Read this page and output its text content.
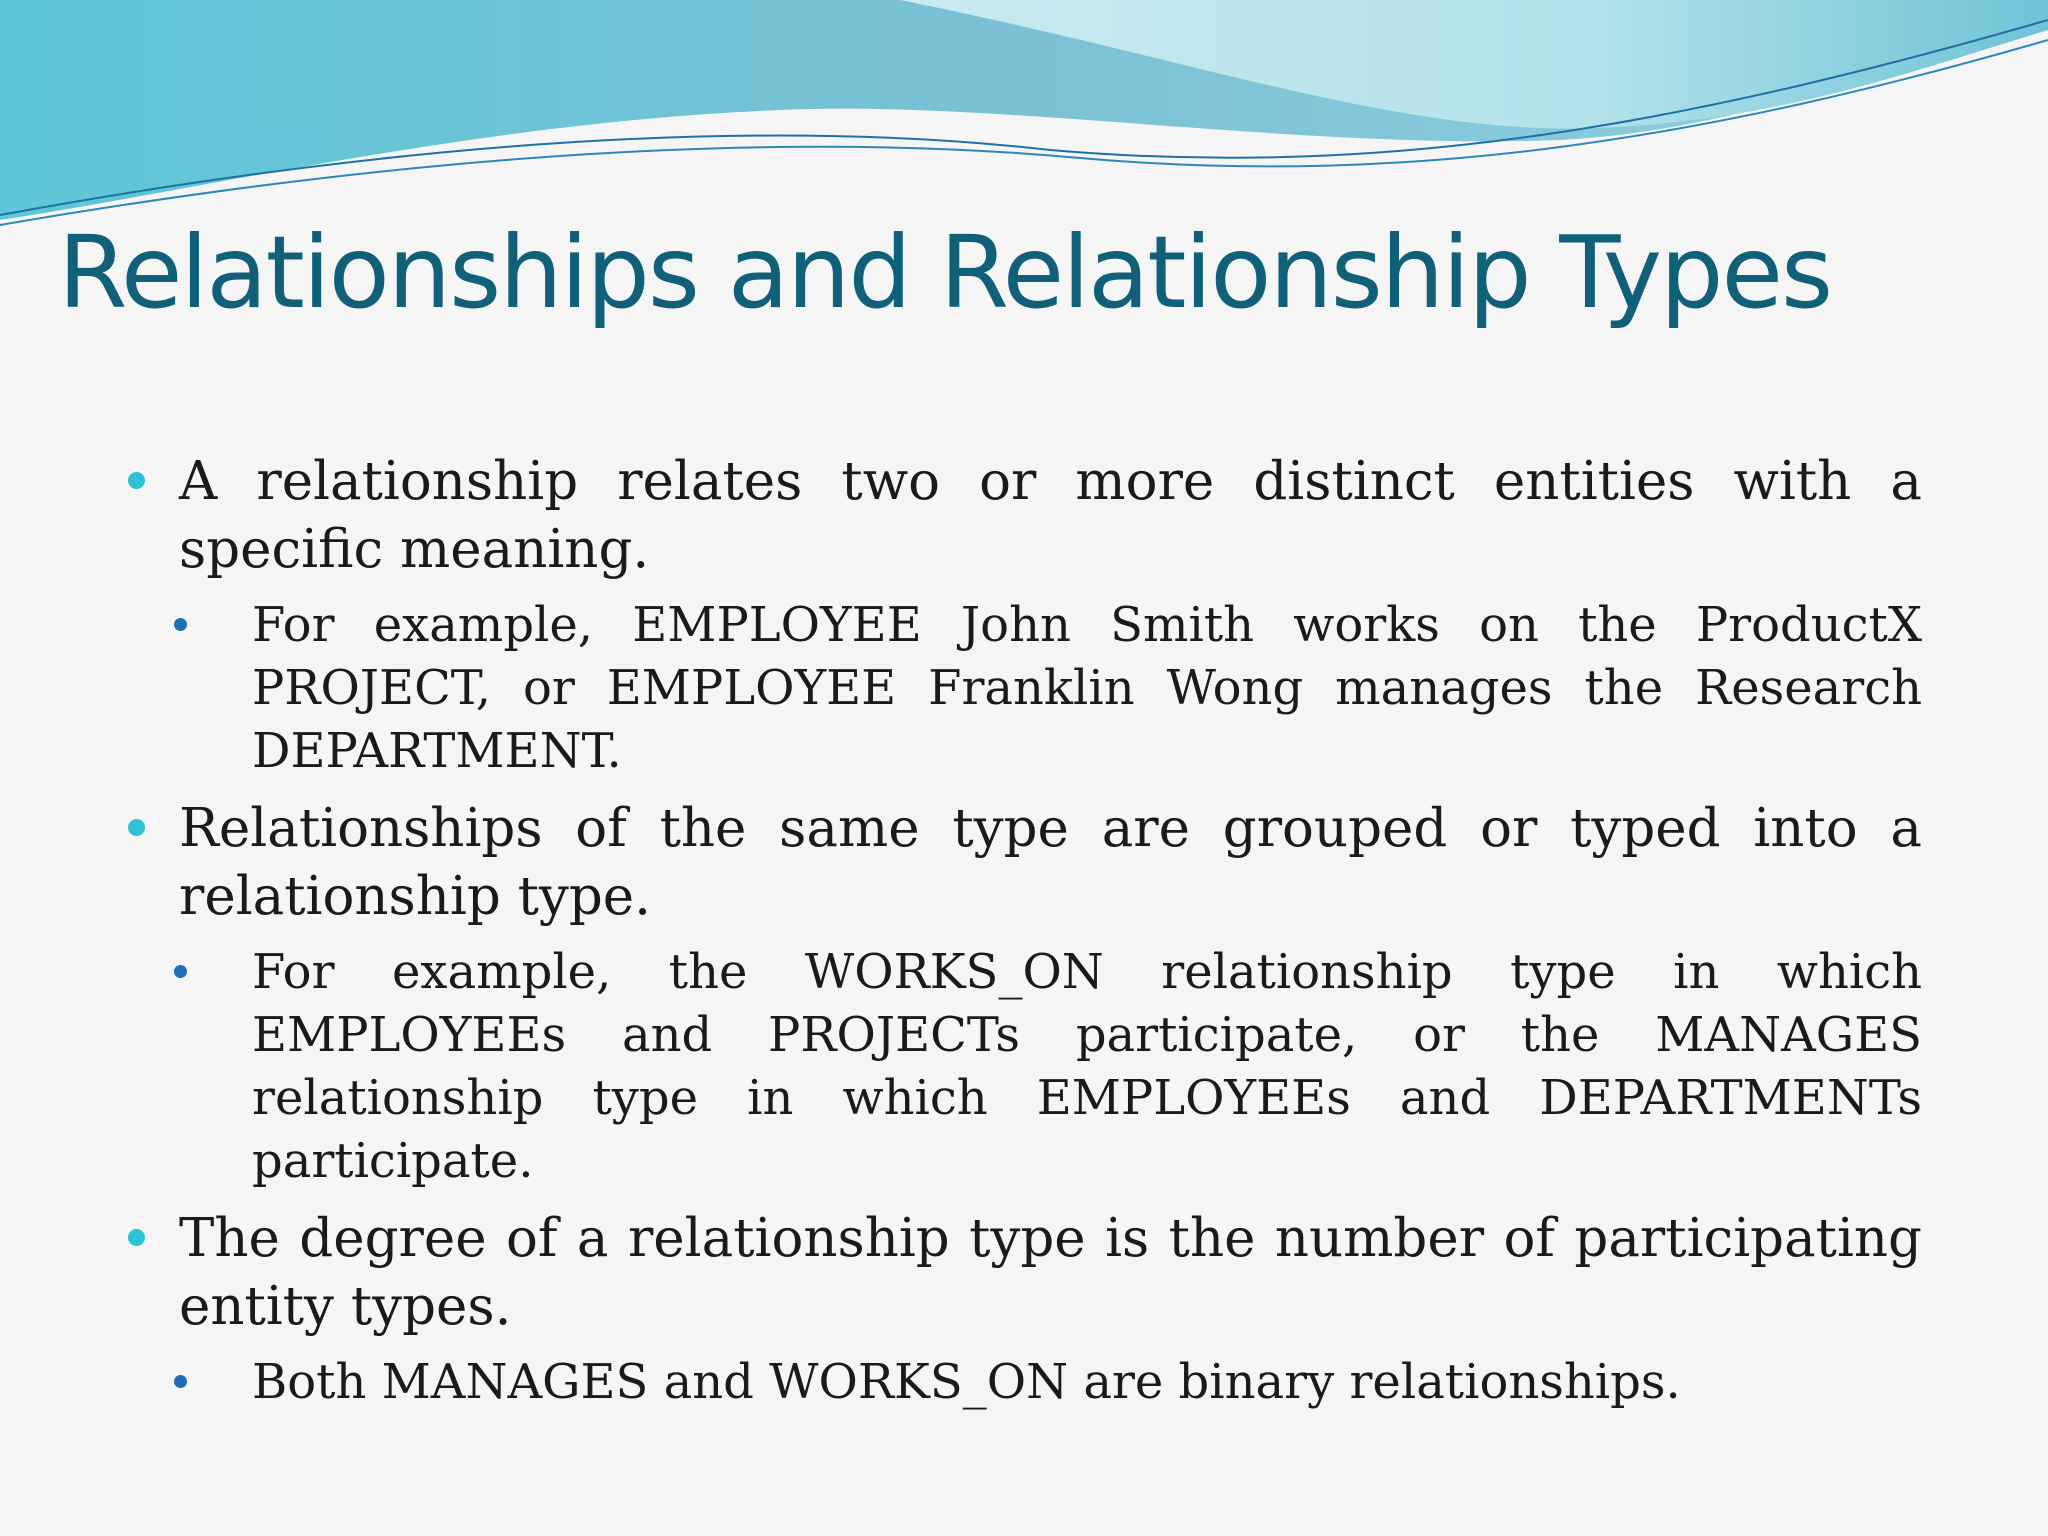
Relationships and Relationship Types

A relationship relates two or more distinct entities with a specific meaning.

For example, EMPLOYEE John Smith works on the ProductX PROJECT, or EMPLOYEE Franklin Wong manages the Research DEPARTMENT.

Relationships of the same type are grouped or typed into a relationship type.

For example, the WORKS_ON relationship type in which EMPLOYEEs and PROJECTs participate, or the MANAGES relationship type in which EMPLOYEEs and DEPARTMENTs participate.

The degree of a relationship type is the number of participating entity types.

Both MANAGES and WORKS_ON are binary relationships.
